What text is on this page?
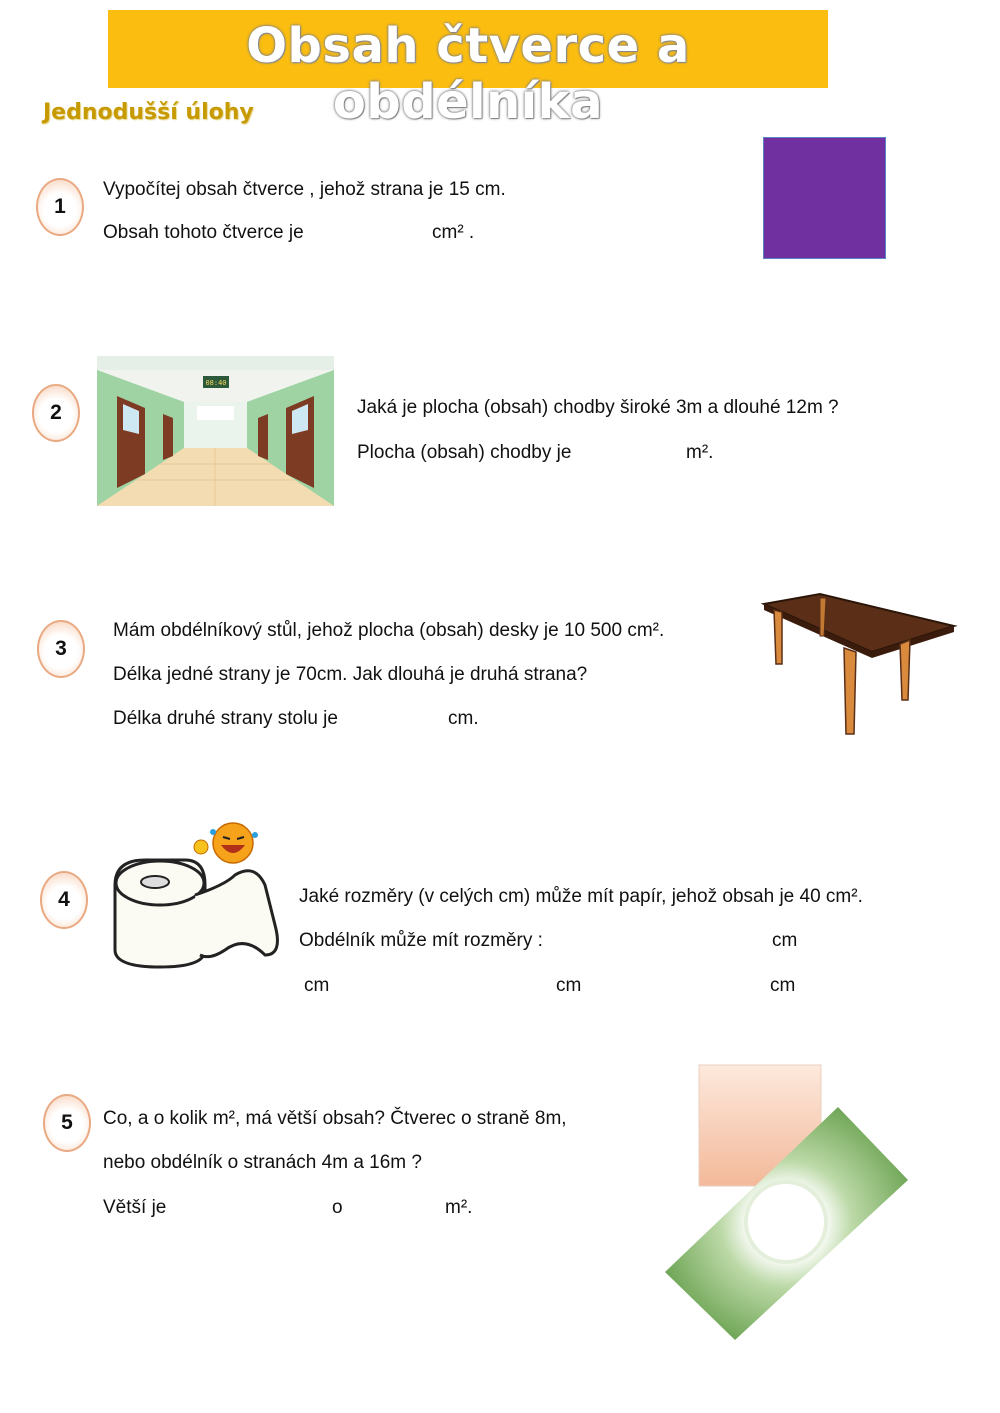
Obsah čtverce a obdélníka
Jednodušší úlohy
1
Vypočítej obsah čtverce , jehož strana je 15 cm.
Obsah tohoto čtverce je	cm² .
2
08:40
Jaká je plocha (obsah) chodby široké 3m a dlouhé 12m ?
Plocha (obsah) chodby je	m².
3
Mám obdélníkový stůl, jehož plocha (obsah) desky je 10 500 cm².
Délka jedné strany je 70cm. Jak dlouhá je druhá strana?
Délka druhé strany stolu je	cm.
4	Jaké rozměry (v celých cm) může mít papír, jehož obsah je 40 cm².
Obdélník může mít rozměry :	cm
cm	cm	cm
5	Co, a o kolik m², má větší obsah? Čtverec o straně 8m,
nebo obdélník o stranách 4m a 16m ?
Větší je	o	m².
